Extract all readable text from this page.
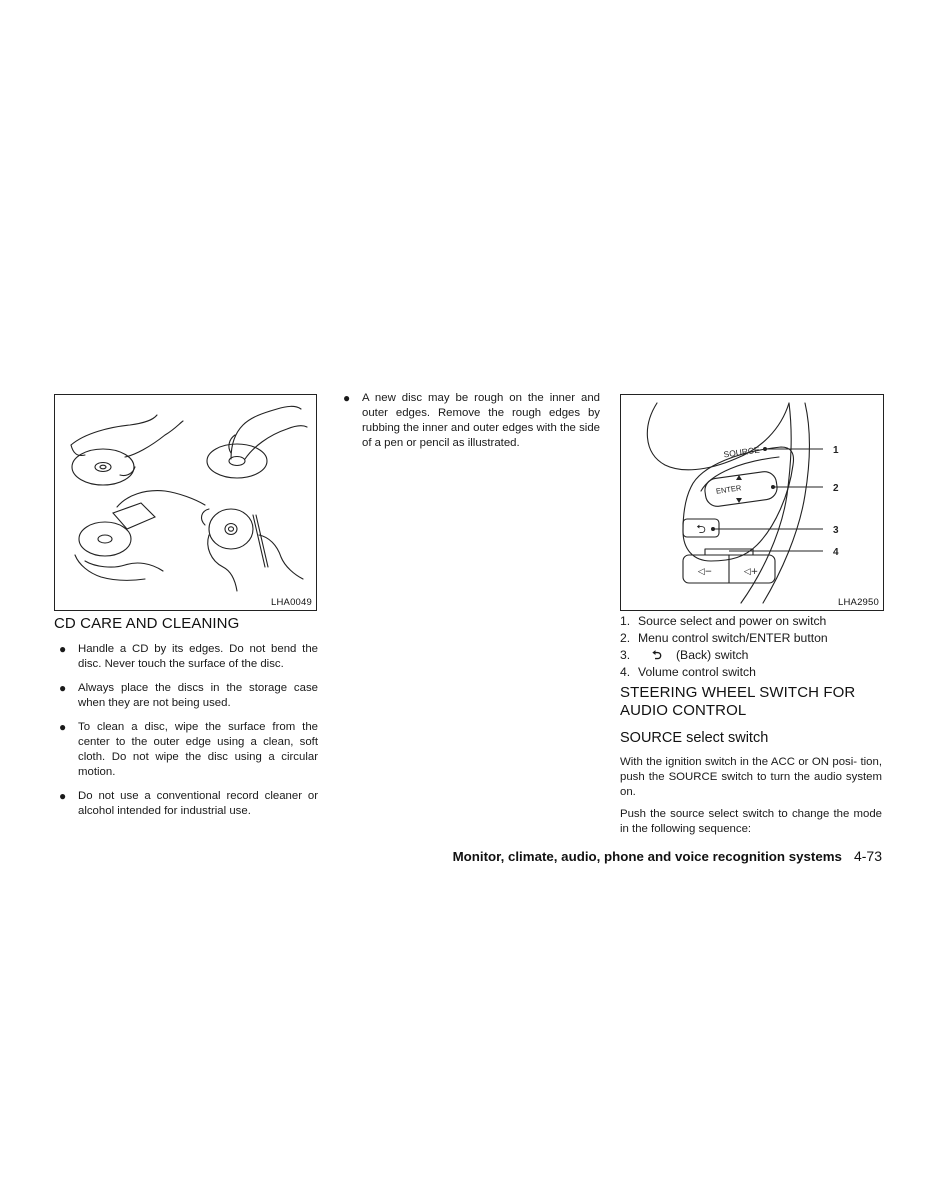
LHA0049
CD CARE AND CLEANING
● Handle a CD by its edges. Do not bend the disc. Never touch the surface of the disc.
● Always place the discs in the storage case when they are not being used.
● To clean a disc, wipe the surface from the center to the outer edge using a clean, soft cloth. Do not wipe the disc using a circular motion.
● Do not use a conventional record cleaner or alcohol intended for industrial use.
● A new disc may be rough on the inner and outer edges. Remove the rough edges by rubbing the inner and outer edges with the side of a pen or pencil as illustrated.
⮌
◁−	◁+
SOURCE
ENTER
1
2
3
4
LHA2950
1. Source select and power on switch
2. Menu control switch/ENTER button
3. ⮌ (Back) switch
4. Volume control switch
STEERING WHEEL SWITCH FOR AUDIO CONTROL
SOURCE select switch

With the ignition switch in the ACC or ON posi- tion, push the SOURCE switch to turn the audio system on.

Push the source select switch to change the mode in the following sequence:

Monitor, climate, audio, phone and voice recognition systems 4-73
